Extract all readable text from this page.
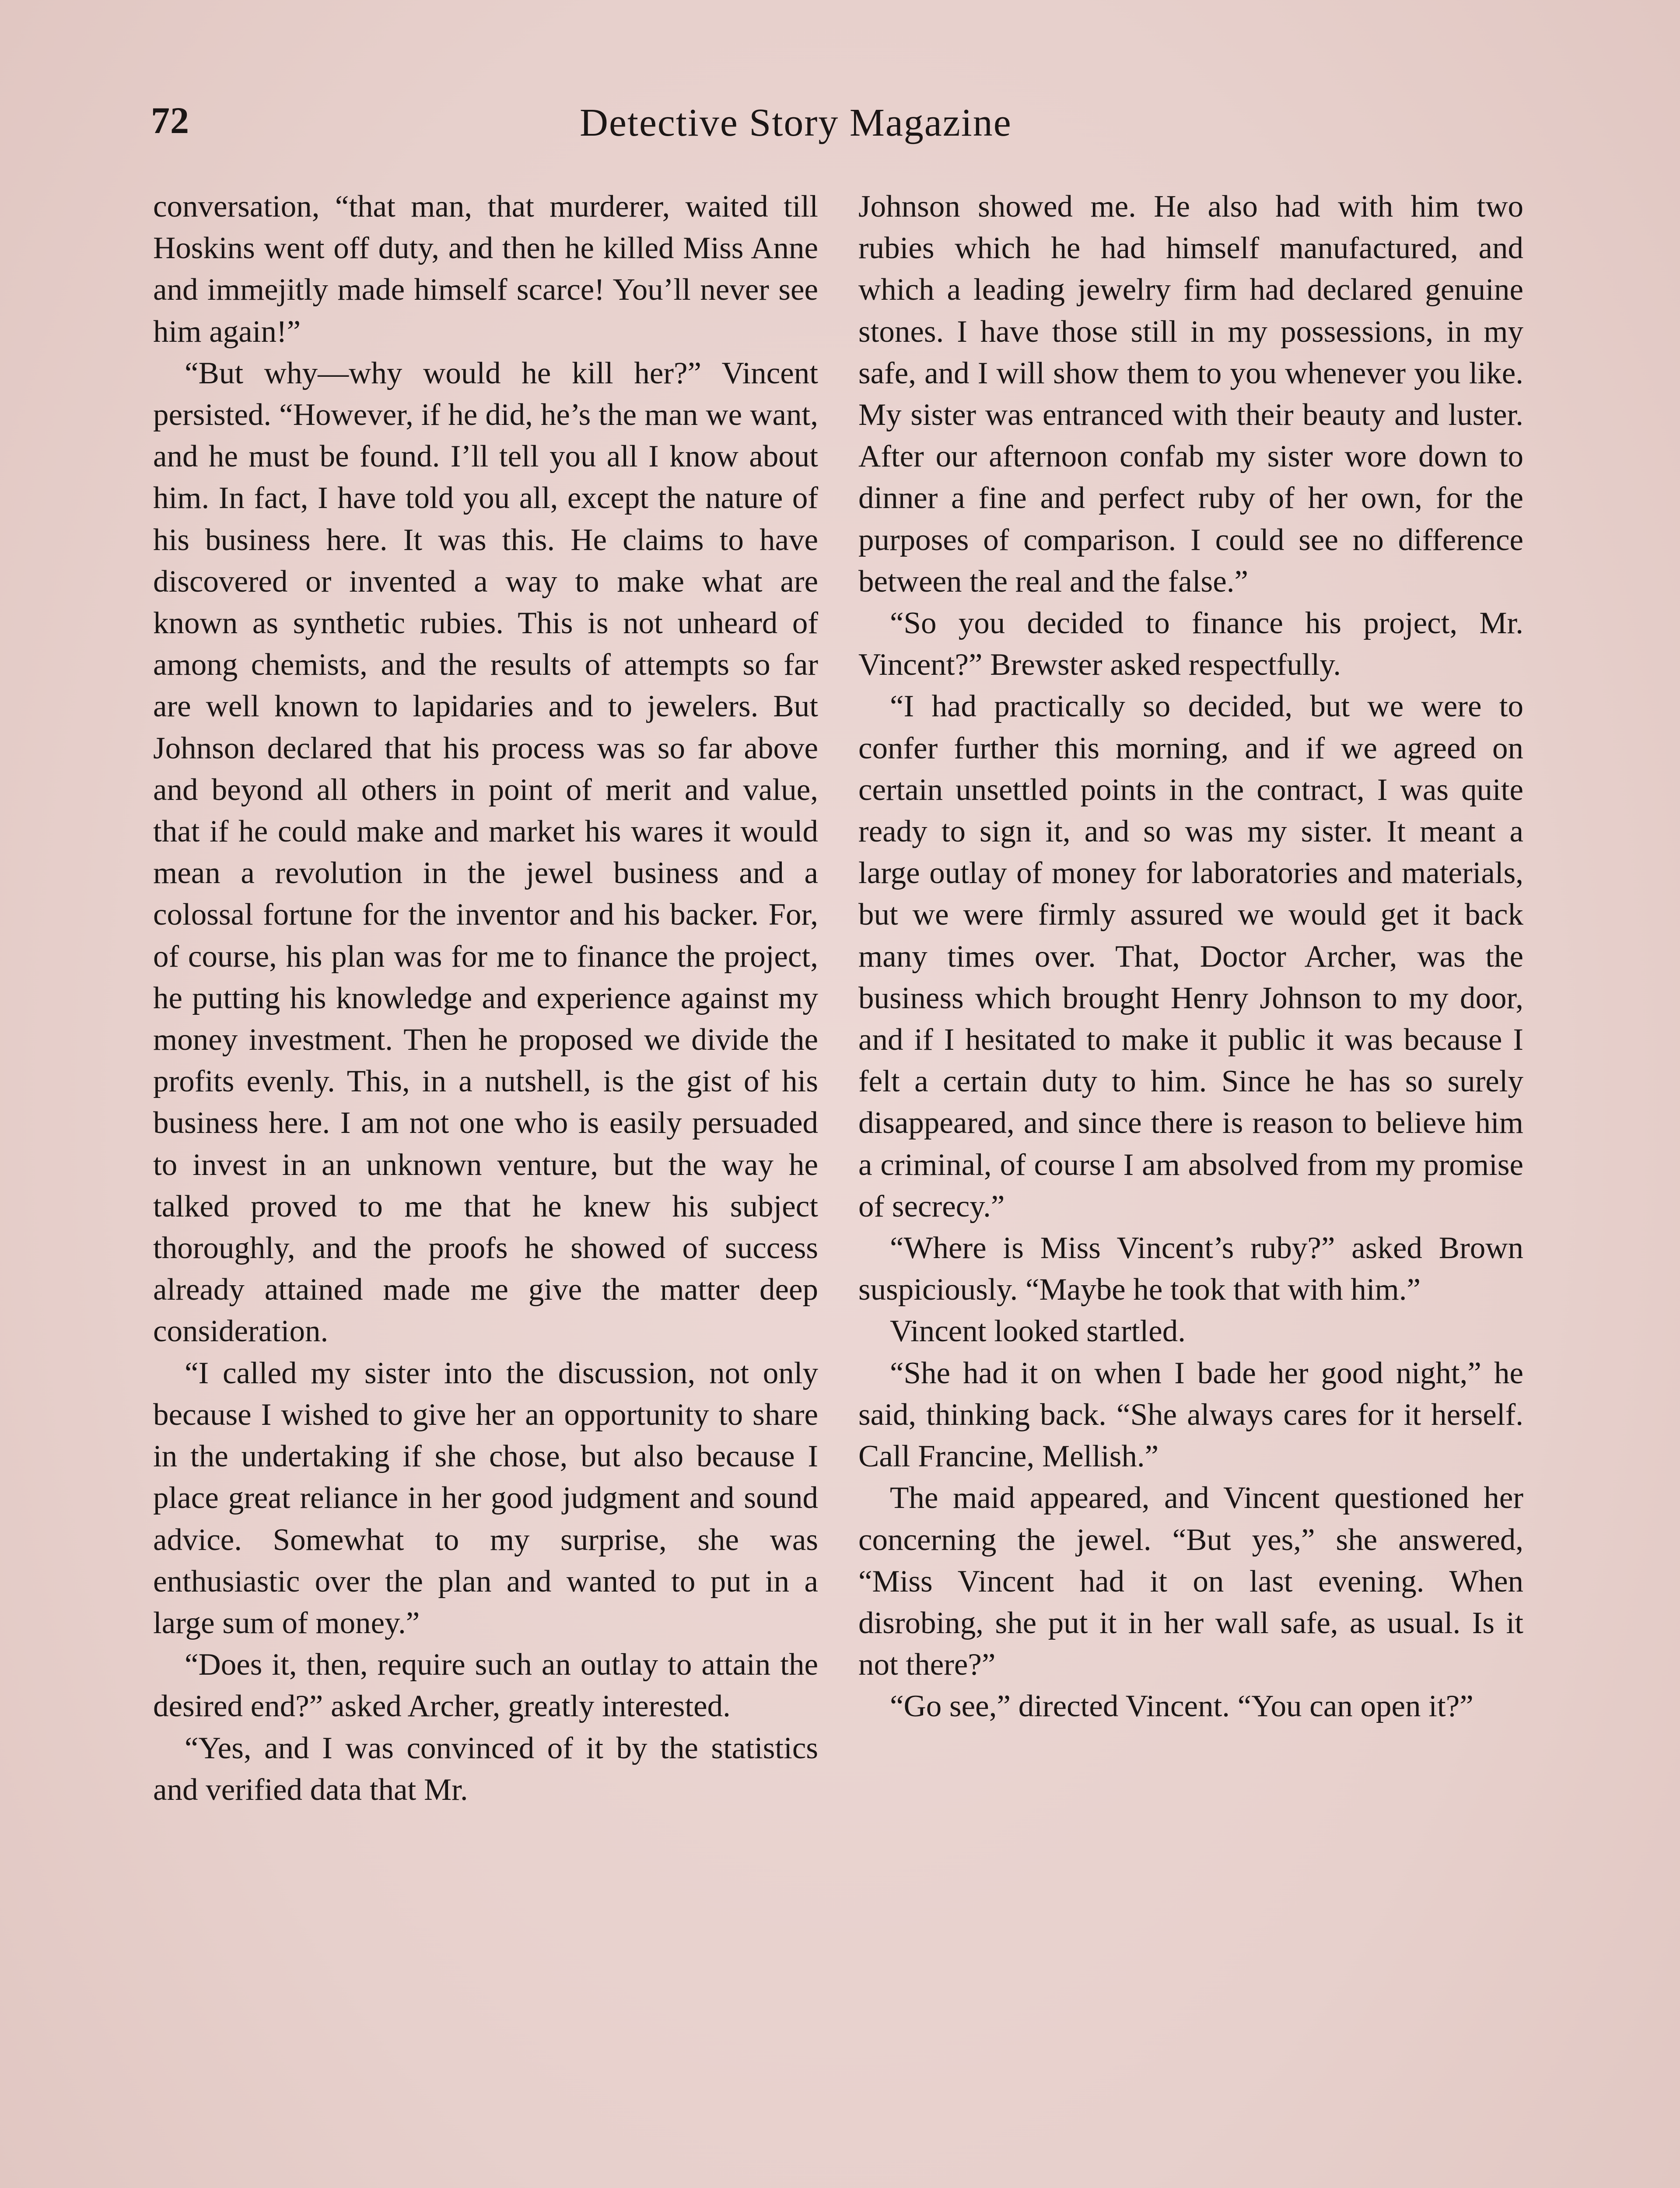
72	Detective Story Magazine

conversation, “that man, that murderer, waited till Hoskins went off duty, and then he killed Miss Anne and immejitly made himself scarce! You’ll never see him again!”

“But why—why would he kill her?” Vincent persisted. “However, if he did, he’s the man we want, and he must be found. I’ll tell you all I know about him. In fact, I have told you all, except the nature of his business here. It was this. He claims to have discovered or invented a way to make what are known as synthetic rubies. This is not unheard of among chemists, and the results of attempts so far are well known to lapidaries and to jewelers. But Johnson declared that his process was so far above and beyond all others in point of merit and value, that if he could make and market his wares it would mean a revolution in the jewel business and a colossal fortune for the inventor and his backer. For, of course, his plan was for me to finance the project, he putting his knowledge and experience against my money investment. Then he proposed we divide the profits evenly. This, in a nutshell, is the gist of his business here. I am not one who is easily persuaded to invest in an unknown venture, but the way he talked proved to me that he knew his subject thoroughly, and the proofs he showed of success already attained made me give the matter deep consideration.

“I called my sister into the discussion, not only because I wished to give her an opportunity to share in the undertaking if she chose, but also because I place great reliance in her good judgment and sound advice. Somewhat to my surprise, she was enthusiastic over the plan and wanted to put in a large sum of money.”

“Does it, then, require such an outlay to attain the desired end?” asked Archer, greatly interested.

“Yes, and I was convinced of it by the statistics and verified data that Mr.

Johnson showed me. He also had with him two rubies which he had himself manufactured, and which a leading jewelry firm had declared genuine stones. I have those still in my possessions, in my safe, and I will show them to you whenever you like. My sister was entranced with their beauty and luster. After our afternoon confab my sister wore down to dinner a fine and perfect ruby of her own, for the purposes of comparison. I could see no difference between the real and the false.”

“So you decided to finance his project, Mr. Vincent?” Brewster asked respectfully.

“I had practically so decided, but we were to confer further this morning, and if we agreed on certain unsettled points in the contract, I was quite ready to sign it, and so was my sister. It meant a large outlay of money for laboratories and materials, but we were firmly assured we would get it back many times over. That, Doctor Archer, was the business which brought Henry Johnson to my door, and if I hesitated to make it public it was because I felt a certain duty to him. Since he has so surely disappeared, and since there is reason to believe him a criminal, of course I am absolved from my promise of secrecy.”

“Where is Miss Vincent’s ruby?” asked Brown suspiciously. “Maybe he took that with him.”

Vincent looked startled.

“She had it on when I bade her good night,” he said, thinking back. “She always cares for it herself. Call Francine, Mellish.”

The maid appeared, and Vincent questioned her concerning the jewel. “But yes,” she answered, “Miss Vincent had it on last evening. When disrobing, she put it in her wall safe, as usual. Is it not there?”

“Go see,” directed Vincent. “You can open it?”
